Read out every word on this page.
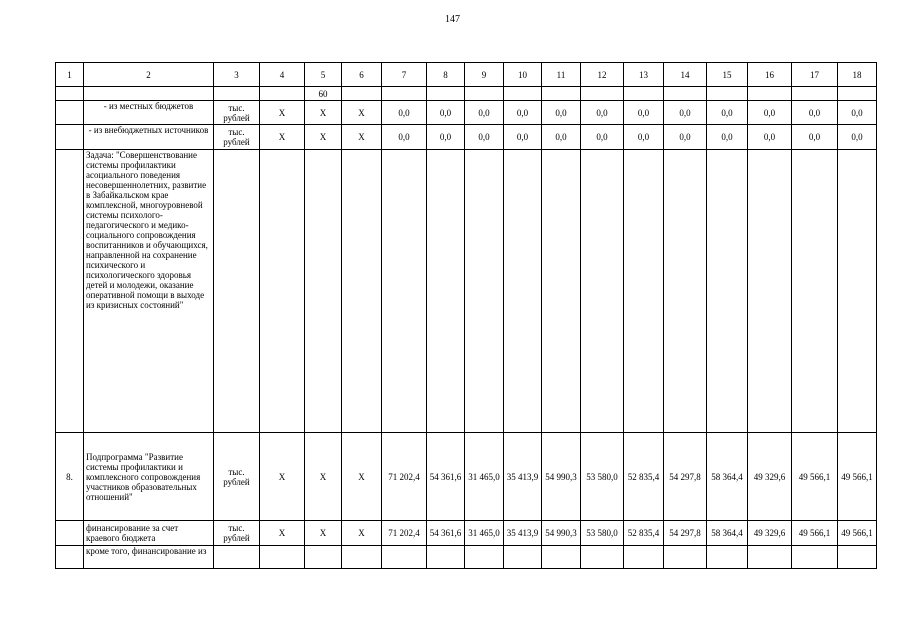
147
1	2	3	4	5	6	7	8	9	10	11	12	13	14	15	16	17	18
				60													
	- из местных бюджетов	тыс. рублей	Х	Х	Х	0,0	0,0	0,0	0,0	0,0	0,0	0,0	0,0	0,0	0,0	0,0	0,0
	- из внебюджетных источников	тыс. рублей	Х	Х	Х	0,0	0,0	0,0	0,0	0,0	0,0	0,0	0,0	0,0	0,0	0,0	0,0
	Задача: "Совершенствование системы профилактики асоциального поведения несовершеннолетних, развитие в Забайкальском крае комплексной, многоуровневой системы психолого-педагогического и медико-социального сопровождения воспитанников и обучающихся, направленной на сохранение психического и психологического здоровья детей и молодежи, оказание оперативной помощи в выходе из кризисных состояний"																
8.	Подпрограмма "Развитие системы профилактики и комплексного сопровождения участников образовательных отношений"	тыс. рублей	Х	Х	Х	71 202,4	54 361,6	31 465,0	35 413,9	54 990,3	53 580,0	52 835,4	54 297,8	58 364,4	49 329,6	49 566,1	49 566,1
	финансирование за счет краевого бюджета	тыс. рублей	Х	Х	Х	71 202,4	54 361,6	31 465,0	35 413,9	54 990,3	53 580,0	52 835,4	54 297,8	58 364,4	49 329,6	49 566,1	49 566,1
	кроме того, финансирование из																
